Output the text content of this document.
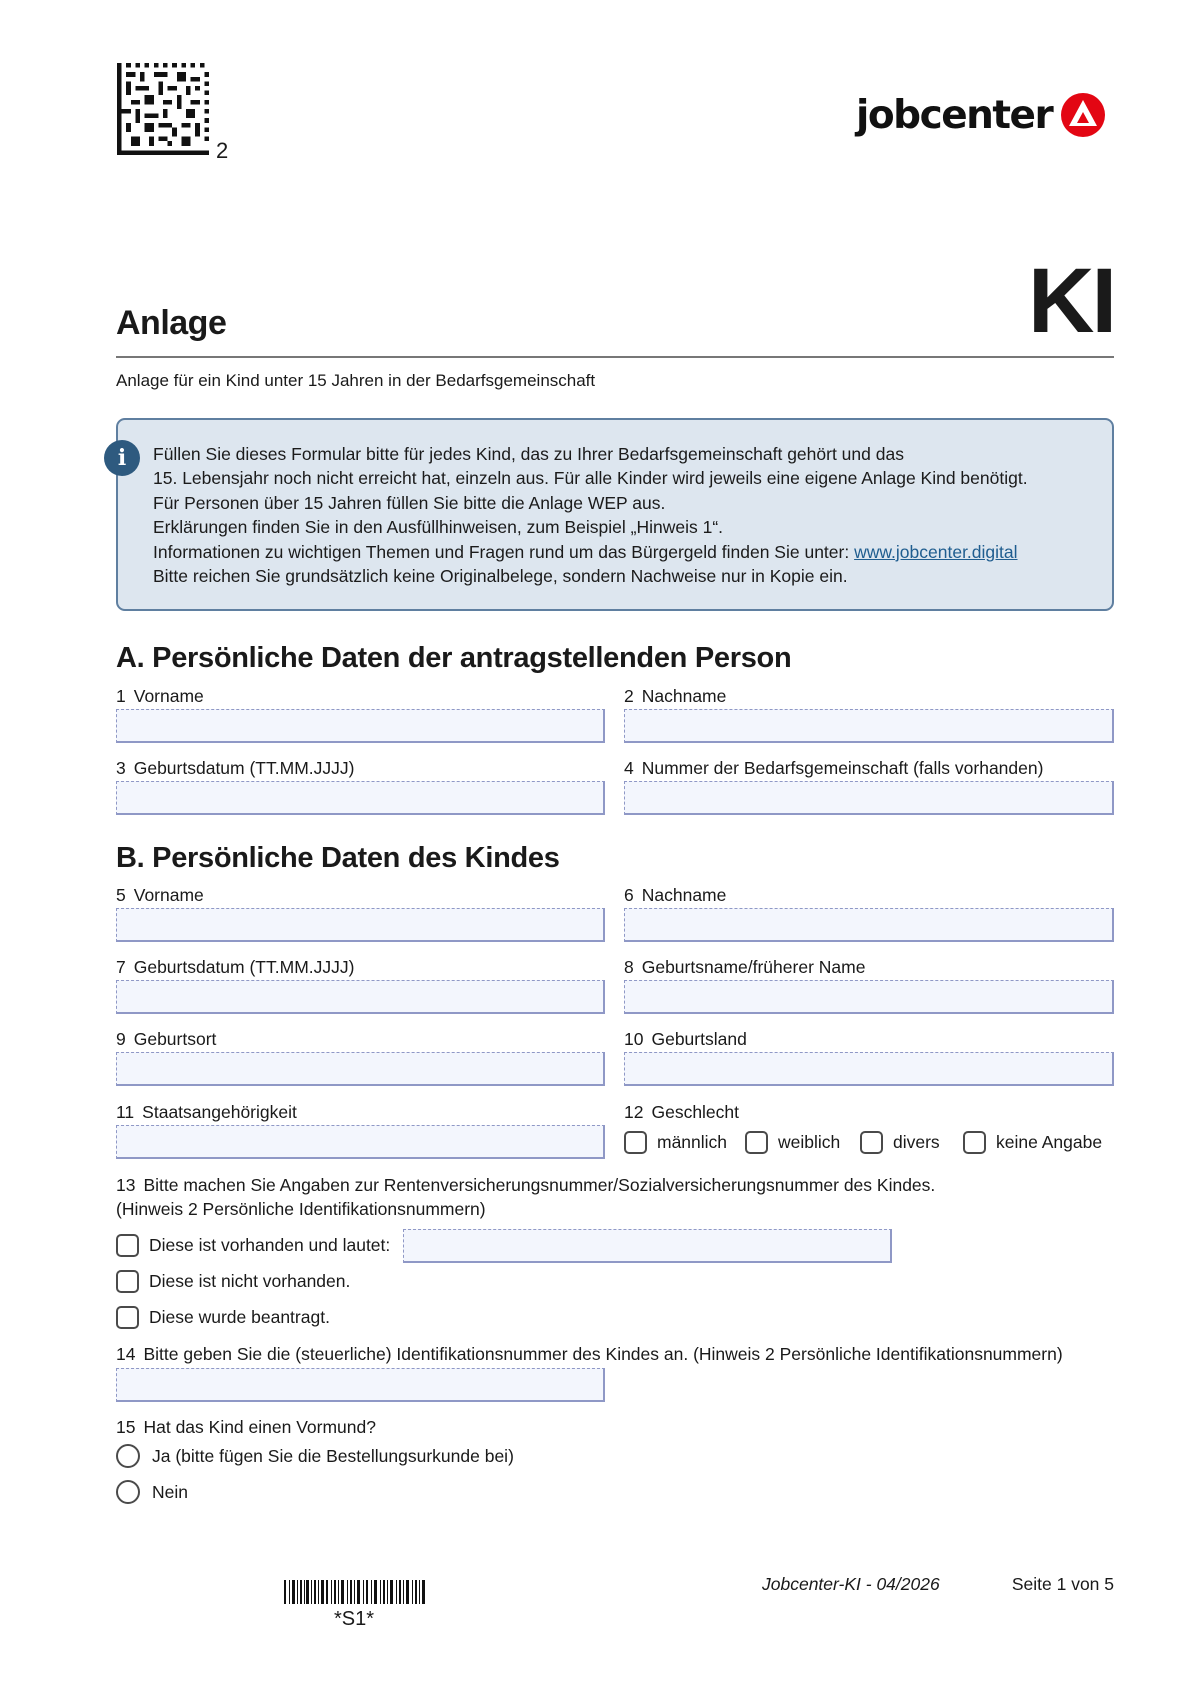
2
jobcenter
KI
Anlage
Anlage für ein Kind unter 15 Jahren in der Bedarfsgemeinschaft

Füllen Sie dieses Formular bitte für jedes Kind, das zu Ihrer Bedarfsgemeinschaft gehört und das

15. Lebensjahr noch nicht erreicht hat, einzeln aus. Für alle Kinder wird jeweils eine eigene Anlage Kind benötigt.

Für Personen über 15 Jahren füllen Sie bitte die Anlage WEP aus.

Erklärungen finden Sie in den Ausfüllhinweisen, zum Beispiel „Hinweis 1“.

Informationen zu wichtigen Themen und Fragen rund um das Bürgergeld finden Sie unter: www.jobcenter.digital

Bitte reichen Sie grundsätzlich keine Originalbelege, sondern Nachweise nur in Kopie ein.

i
A. Persönliche Daten der antragstellenden Person
1 Vorname	2 Nachname
3 Geburtsdatum (TT.MM.JJJJ)	4 Nummer der Bedarfsgemeinschaft (falls vorhanden)
B. Persönliche Daten des Kindes
5 Vorname	6 Nachname
7 Geburtsdatum (TT.MM.JJJJ)	8 Geburtsname/früherer Name
9 Geburtsort	10 Geburtsland
11 Staatsangehörigkeit	12 Geschlecht
männlich	weiblich	divers	keine Angabe
13 Bitte machen Sie Angaben zur Rentenversicherungsnummer/Sozialversicherungsnummer des Kindes.
(Hinweis 2 Persönliche Identifikationsnummern)
Diese ist vorhanden und lautet:
Diese ist nicht vorhanden.
Diese wurde beantragt.
14 Bitte geben Sie die (steuerliche) Identifikationsnummer des Kindes an. (Hinweis 2 Persönliche Identifikationsnummern)
15 Hat das Kind einen Vormund?
Ja (bitte fügen Sie die Bestellungsurkunde bei)
Nein
*S1*
Jobcenter-KI - 04/2026	Seite 1 von 5
